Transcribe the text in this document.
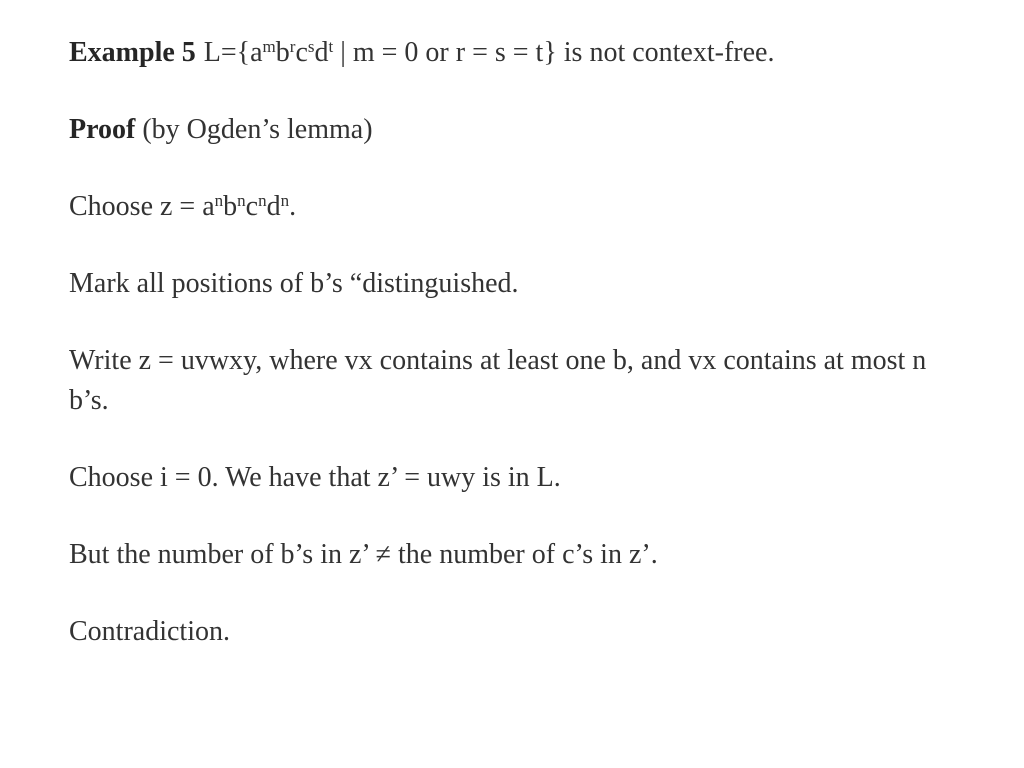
Example 5 $L=\{a^mb^rc^sd^t$ | m = 0 or r = s = t} is not context-free.

Proof (by Ogden’s lemma)

Choose $z = a^nb^nc^nd^n$.

Mark all positions of b’s “distinguished.

Write z = uvwxy, where vx contains at least one b, and vx contains at most n b’s.

Choose i = 0. We have that z’ = uwy is in L.

But the number of b’s in z’ ≠ the number of c’s in z’.

Contradiction.
